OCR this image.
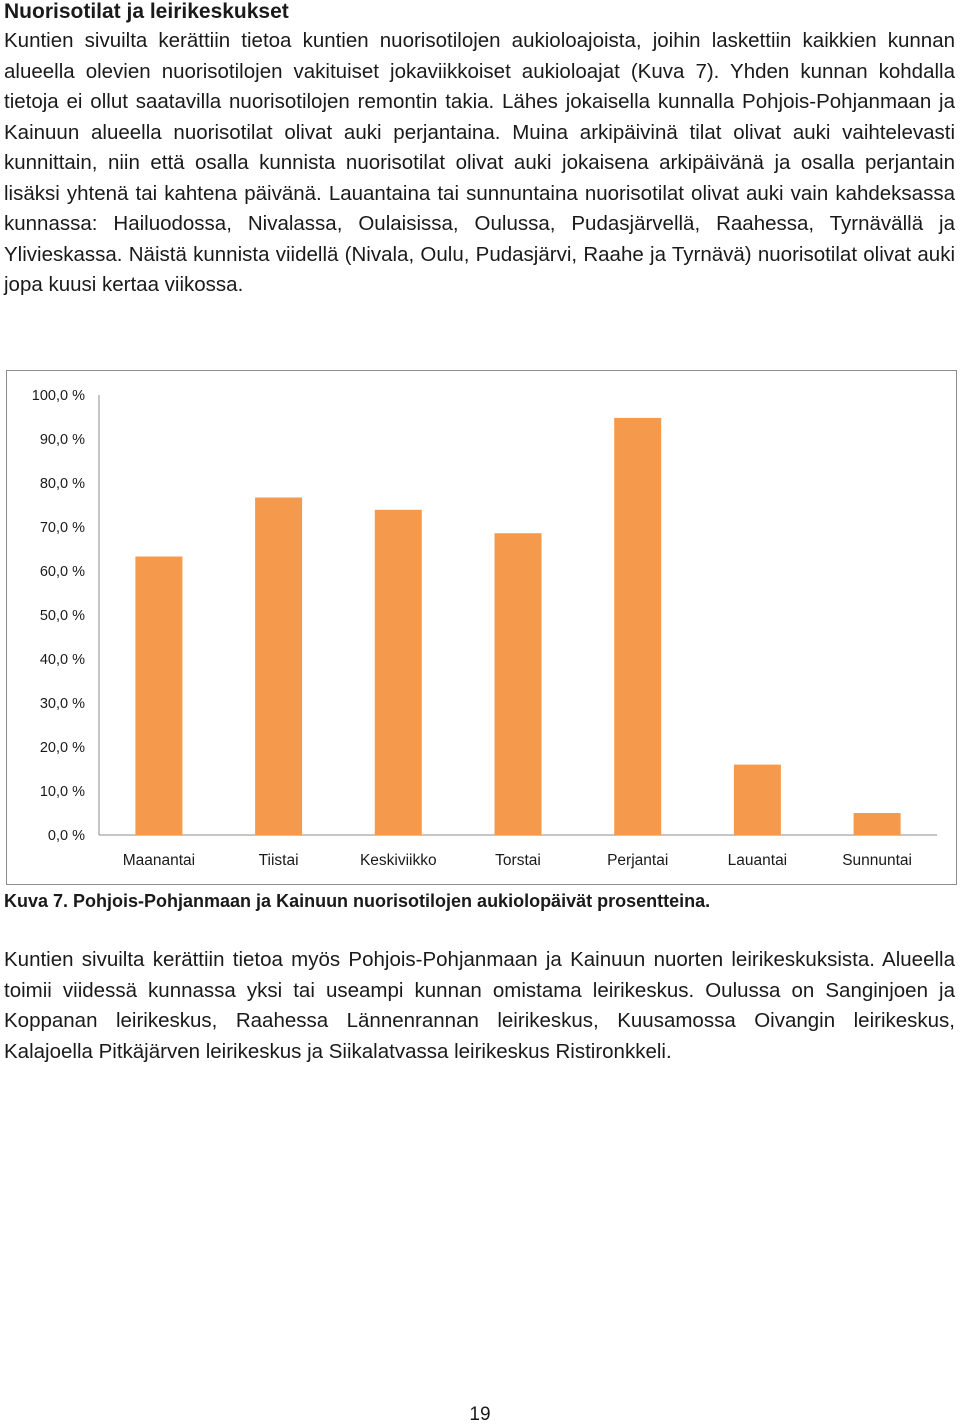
Nuorisotilat ja leirikeskukset

Kuntien sivuilta kerättiin tietoa kuntien nuorisotilojen aukioloajoista, joihin laskettiin kaikkien kunnan alueella olevien nuorisotilojen vakituiset jokaviikkoiset aukioloajat (Kuva 7). Yhden kunnan kohdalla tietoja ei ollut saatavilla nuorisotilojen remontin takia. Lähes jokaisella kunnalla Pohjois-Pohjanmaan ja Kainuun alueella nuorisotilat olivat auki perjantaina. Muina arkipäivinä tilat olivat auki vaihtelevasti kunnittain, niin että osalla kunnista nuorisotilat olivat auki jokaisena arkipäivänä ja osalla perjantain lisäksi yhtenä tai kahtena päivänä. Lauantaina tai sunnuntaina nuorisotilat olivat auki vain kahdeksassa kunnassa: Hailuodossa, Nivalassa, Oulaisissa, Oulussa, Pudasjärvellä, Raahessa, Tyrnävällä ja Ylivieskassa. Näistä kunnista viidellä (Nivala, Oulu, Pudasjärvi, Raahe ja Tyrnävä) nuorisotilat olivat auki jopa kuusi kertaa viikossa.

0,0 %
10,0 %
20,0 %
30,0 %
40,0 %
50,0 %
60,0 %
70,0 %
80,0 %
90,0 %
100,0 %
Maanantai	Tiistai	Keskiviikko	Torstai	Perjantai	Lauantai	Sunnuntai

Kuva 7. Pohjois-Pohjanmaan ja Kainuun nuorisotilojen aukiolopäivät prosentteina.

Kuntien sivuilta kerättiin tietoa myös Pohjois-Pohjanmaan ja Kainuun nuorten leirikeskuksista. Alueella toimii viidessä kunnassa yksi tai useampi kunnan omistama leirikeskus. Oulussa on Sanginjoen ja Koppanan leirikeskus, Raahessa Lännenrannan leirikeskus, Kuusamossa Oivangin leirikeskus, Kalajoella Pitkäjärven leirikeskus ja Siikalatvassa leirikeskus Ristironkkeli.

19
